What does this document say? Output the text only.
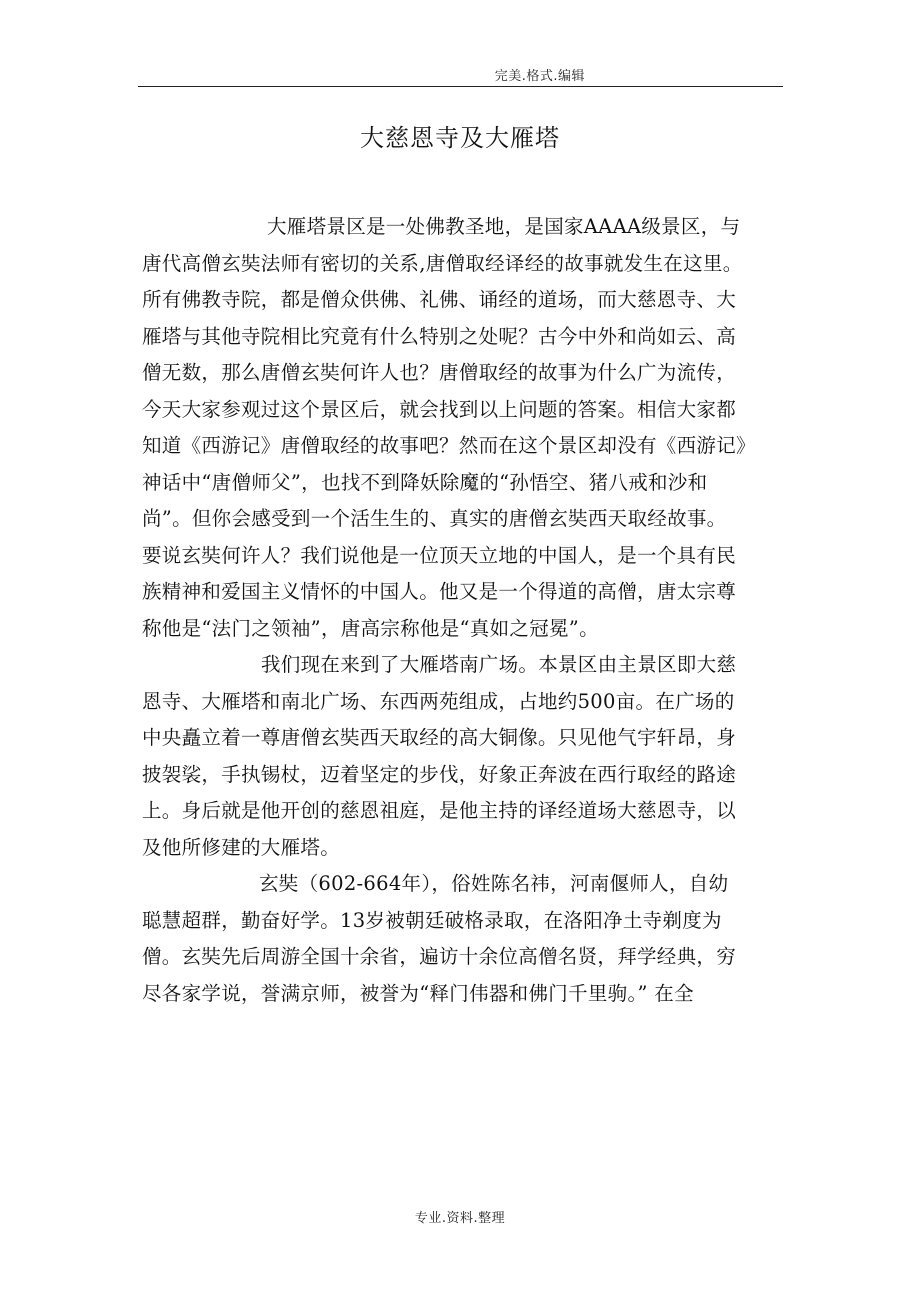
完美.格式.编辑
大慈恩寺及大雁塔
大雁塔景区是一处佛教圣地，是国家AAAA级景区，与
唐代高僧玄奘法师有密切的关系,唐僧取经译经的故事就发生在这里。
所有佛教寺院，都是僧众供佛、礼佛、诵经的道场，而大慈恩寺、大
雁塔与其他寺院相比究竟有什么特别之处呢？古今中外和尚如云、高
僧无数，那么唐僧玄奘何许人也？唐僧取经的故事为什么广为流传，
今天大家参观过这个景区后，就会找到以上问题的答案。相信大家都
知道《西游记》唐僧取经的故事吧？然而在这个景区却没有《西游记》
神话中“唐僧师父”，也找不到降妖除魔的“孙悟空、猪八戒和沙和
尚”。但你会感受到一个活生生的、真实的唐僧玄奘西天取经故事。
要说玄奘何许人？我们说他是一位顶天立地的中国人，是一个具有民
族精神和爱国主义情怀的中国人。他又是一个得道的高僧，唐太宗尊
称他是“法门之领袖”，唐高宗称他是“真如之冠冕”。
我们现在来到了大雁塔南广场。本景区由主景区即大慈
恩寺、大雁塔和南北广场、东西两苑组成，占地约500亩。在广场的
中央矗立着一尊唐僧玄奘西天取经的高大铜像。只见他气宇轩昂，身
披袈裟，手执锡杖，迈着坚定的步伐，好象正奔波在西行取经的路途
上。身后就是他开创的慈恩祖庭，是他主持的译经道场大慈恩寺，以
及他所修建的大雁塔。
玄奘（602-664年），俗姓陈名祎，河南偃师人，自幼
聪慧超群，勤奋好学。13岁被朝廷破格录取，在洛阳净土寺剃度为
僧。玄奘先后周游全国十余省，遍访十余位高僧名贤，拜学经典，穷
尽各家学说，誉满京师，被誉为“释门伟器和佛门千里驹。” 在全
专业.资料.整理
